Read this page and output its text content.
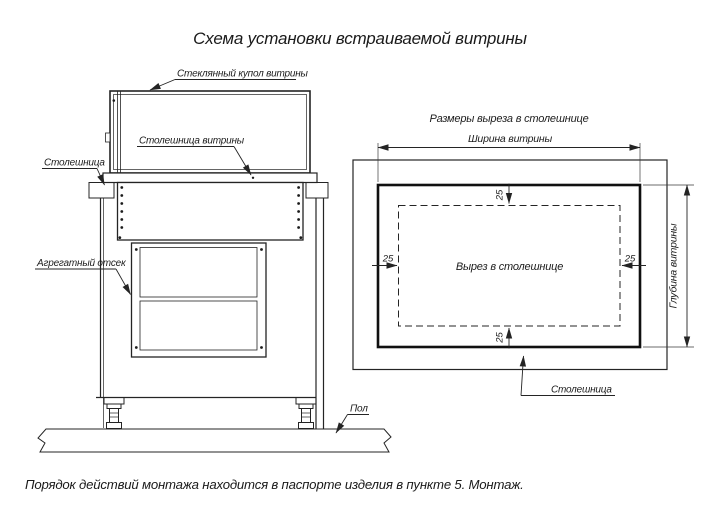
Схема установки встраиваемой витрины
Стеклянный купол витрины
Столешница витрины
Столешница
Агрегатный отсек
Пол
Размеры выреза в столешнице
Вырез в столешнице
Ширина витрины
Глубина витрины
25
25
25	25
Столешница
Порядок действий монтажа находится в паспорте изделия в пункте 5. Монтаж.
